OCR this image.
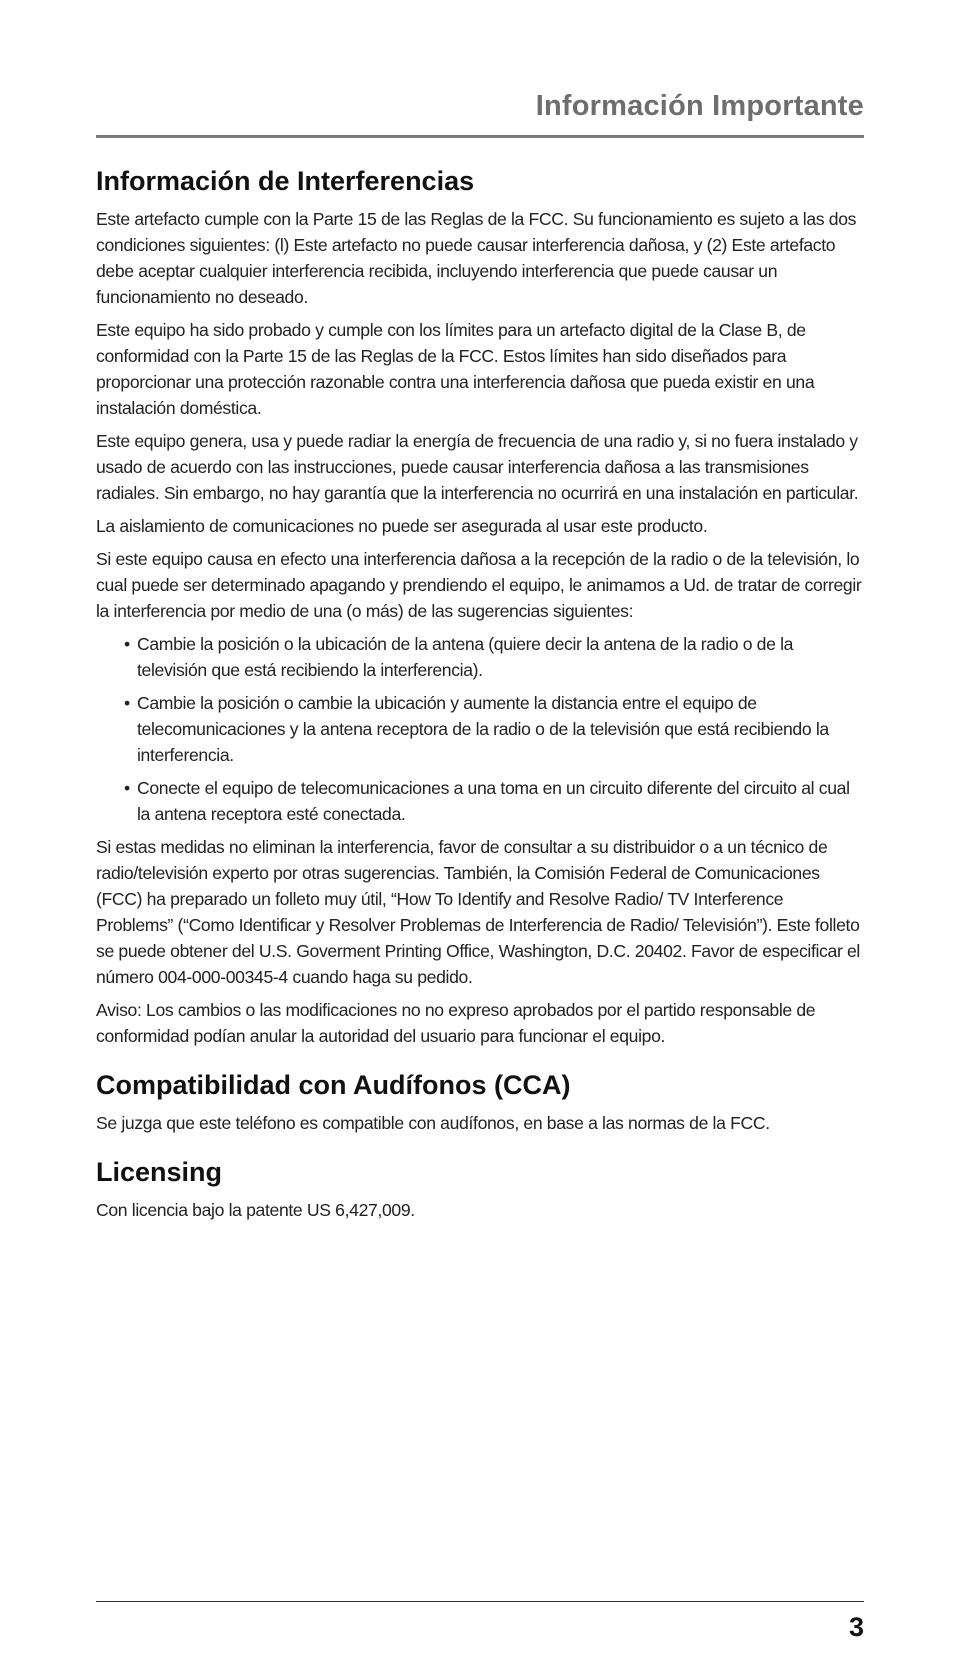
Información Importante
Información de Interferencias

Este artefacto cumple con la Parte 15 de las Reglas de la FCC. Su funcionamiento es sujeto a las dos condiciones siguientes: (l) Este artefacto no puede causar interferencia dañosa, y (2) Este artefacto debe aceptar cualquier interferencia recibida, incluyendo interferencia que puede causar un funcionamiento no deseado.

Este equipo ha sido probado y cumple con los límites para un artefacto digital de la Clase B, de conformidad con la Parte 15 de las Reglas de la FCC. Estos límites han sido diseñados para proporcionar una protección razonable contra una interferencia dañosa que pueda existir en una instalación doméstica.

Este equipo genera, usa y puede radiar la energía de frecuencia de una radio y, si no fuera instalado y usado de acuerdo con las instrucciones, puede causar interferencia dañosa a las transmisiones radiales. Sin embargo, no hay garantía que la interferencia no ocurrirá en una instalación en particular.

La aislamiento de comunicaciones no puede ser asegurada al usar este producto.

Si este equipo causa en efecto una interferencia dañosa a la recepción de la radio o de la televisión, lo cual puede ser determinado apagando y prendiendo el equipo, le animamos a Ud. de tratar de corregir la interferencia por medio de una (o más) de las sugerencias siguientes:

• Cambie la posición o la ubicación de la antena (quiere decir la antena de la radio o de la televisión que está recibiendo la interferencia).
• Cambie la posición o cambie la ubicación y aumente la distancia entre el equipo de telecomunicaciones y la antena receptora de la radio o de la televisión que está recibiendo la interferencia.
• Conecte el equipo de telecomunicaciones a una toma en un circuito diferente del circuito al cual la antena receptora esté conectada.

Si estas medidas no eliminan la interferencia, favor de consultar a su distribuidor o a un técnico de radio/televisión experto por otras sugerencias. También, la Comisión Federal de Comunicaciones (FCC) ha preparado un folleto muy útil, “How To Identify and Resolve Radio/ TV Interference Problems” (“Como Identificar y Resolver Problemas de Interferencia de Radio/ Televisión”). Este folleto se puede obtener del U.S. Goverment Printing Office, Washington, D.C. 20402. Favor de especificar el número 004-000-00345-4 cuando haga su pedido.

Aviso: Los cambios o las modificaciones no no expreso aprobados por el partido responsable de conformidad podían anular la autoridad del usuario para funcionar el equipo.

Compatibilidad con Audífonos (CCA)

Se juzga que este teléfono es compatible con audífonos, en base a las normas de la FCC.

Licensing

Con licencia bajo la patente US 6,427,009.

3
